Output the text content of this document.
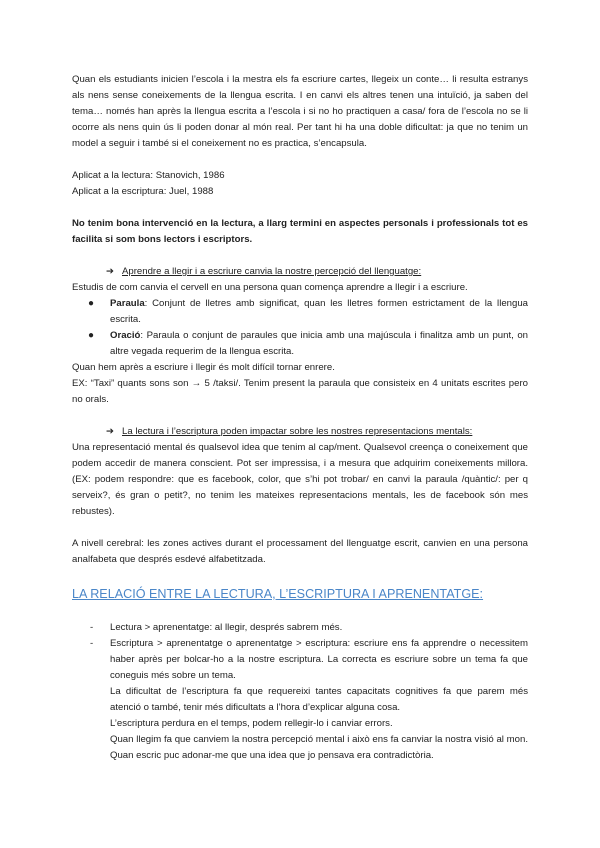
Quan els estudiants inicien l’escola i la mestra els fa escriure cartes, llegeix un conte… li resulta estranys als nens sense coneixements de la llengua escrita. I en canvi els altres tenen una intuïció, ja saben del tema… només han après la llengua escrita a l’escola i si no ho practiquen a casa/ fora de l’escola no se li ocorre als nens quin ús li poden donar al món real. Per tant hi ha una doble dificultat: ja que no tenim un model a seguir i també si el coneixement no es practica, s’encapsula.

Aplicat a la lectura: Stanovich, 1986

Aplicat a la escriptura: Juel, 1988

No tenim bona intervenció en la lectura, a llarg termini en aspectes personals i professionals tot es facilita si som bons lectors i escriptors.

➔ Aprendre a llegir i a escriure canvia la nostre percepció del llenguatge:

Estudis de com canvia el cervell en una persona quan comença aprendre a llegir i a escriure.

● Paraula: Conjunt de lletres amb significat, quan les lletres formen estrictament de la llengua escrita.
● Oració: Paraula o conjunt de paraules que inicia amb una majúscula i finalitza amb un punt, on altre vegada requerim de la llengua escrita.

Quan hem après a escriure i llegir és molt difícil tornar enrere.

EX: “Taxi” quants sons son → 5 /taksi/. Tenim present la paraula que consisteix en 4 unitats escrites pero no orals.

➔ La lectura i l’escriptura poden impactar sobre les nostres representacions mentals:

Una representació mental és qualsevol idea que tenim al cap/ment. Qualsevol creença o coneixement que podem accedir de manera conscient. Pot ser impressisa, i a mesura que adquirim coneixements millora. (EX: podem respondre: que es facebook, color, que s’hi pot trobar/ en canvi la paraula /quàntic/: per q serveix?, és gran o petit?, no tenim les mateixes representacions mentals, les de facebook són mes rebustes).

A nivell cerebral: les zones actives durant el processament del llenguatge escrit, canvien en una persona analfabeta que després esdevé alfabetitzada.

LA RELACIÓ ENTRE LA LECTURA, L’ESCRIPTURA I APRENENTATGE:

- Lectura > aprenentatge: al llegir, després sabrem més.
- Escriptura > aprenentatge o aprenentatge > escriptura: escriure ens fa apprendre o necessitem haber après per bolcar-ho a la nostre escriptura. La correcta es escriure sobre un tema fa que coneguis més sobre un tema.

La dificultat de l’escriptura fa que requereixi tantes capacitats cognitives fa que parem més atenció o també, tenir més dificultats a l’hora d’explicar alguna cosa.

L’escriptura perdura en el temps, podem rellegir-lo i canviar errors.

Quan llegim fa que canviem la nostra percepció mental i això ens fa canviar la nostra visió al mon. Quan escric puc adonar-me que una idea que jo pensava era contradictòria.
